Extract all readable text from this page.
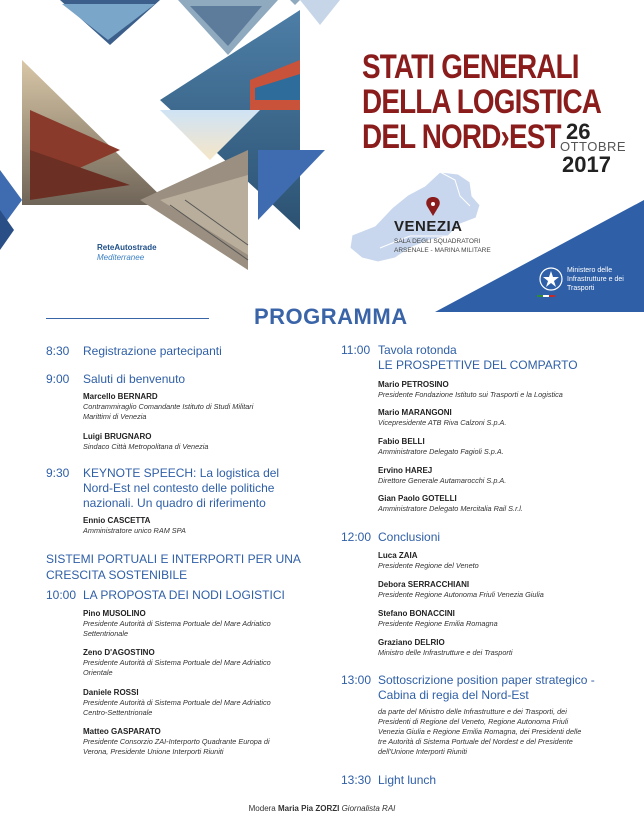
STATI GENERALI
DELLA LOGISTICA
DEL NORD›EST 26
OTTOBRE
2017
VENEZIA
SALA DEGLI SQUADRATORI
ARSENALE - MARINA MILITARE
Ministero delle
Infrastrutture e dei
Trasporti
ReteAutostrade
Mediterranee
PROGRAMMA
8:30 Registrazione partecipanti
9:00 Saluti di benvenuto
Marcello BERNARD
Contrammiraglio Comandante Istituto di Studi Militari
Marittimi di Venezia
Luigi BRUGNARO
Sindaco Città Metropolitana di Venezia
9:30 KEYNOTE SPEECH: La logistica del
Nord-Est nel contesto delle politiche
nazionali. Un quadro di riferimento
Ennio CASCETTA
Amministratore unico RAM SPA
SISTEMI PORTUALI E INTERPORTI PER UNA
CRESCITA SOSTENIBILE
10:00 LA PROPOSTA DEI NODI LOGISTICI
Pino MUSOLINO
Presidente Autorità di Sistema Portuale del Mare Adriatico
Settentrionale
Zeno D'AGOSTINO
Presidente Autorità di Sistema Portuale del Mare Adriatico
Orientale
Daniele ROSSI
Presidente Autorità di Sistema Portuale del Mare Adriatico
Centro-Settentrionale
Matteo GASPARATO
Presidente Consorzio ZAI-Interporto Quadrante Europa di
Verona, Presidente Unione Interporti Riuniti
11:00 Tavola rotonda
LE PROSPETTIVE DEL COMPARTO
Mario PETROSINO
Presidente Fondazione Istituto sui Trasporti e la Logistica
Mario MARANGONI
Vicepresidente ATB Riva Calzoni S.p.A.
Fabio BELLI
Amministratore Delegato Fagioli S.p.A.
Ervino HAREJ
Direttore Generale Autamarocchi S.p.A.
Gian Paolo GOTELLI
Amministratore Delegato Mercitalia Rail S.r.l.
12:00 Conclusioni
Luca ZAIA
Presidente Regione del Veneto
Debora SERRACCHIANI
Presidente Regione Autonoma Friuli Venezia Giulia
Stefano BONACCINI
Presidente Regione Emilia Romagna
Graziano DELRIO
Ministro delle Infrastrutture e dei Trasporti
13:00 Sottoscrizione position paper strategico -
Cabina di regia del Nord-Est
da parte del Ministro delle Infrastrutture e dei Trasporti, dei
Presidenti di Regione del Veneto, Regione Autonoma Friuli
Venezia Giulia e Regione Emilia Romagna, dei Presidenti delle
tre Autorità di Sistema Portuale del Nordest e del Presidente
dell'Unione Interporti Riuniti
13:30 Light lunch
Modera Maria Pia ZORZI Giornalista RAI
